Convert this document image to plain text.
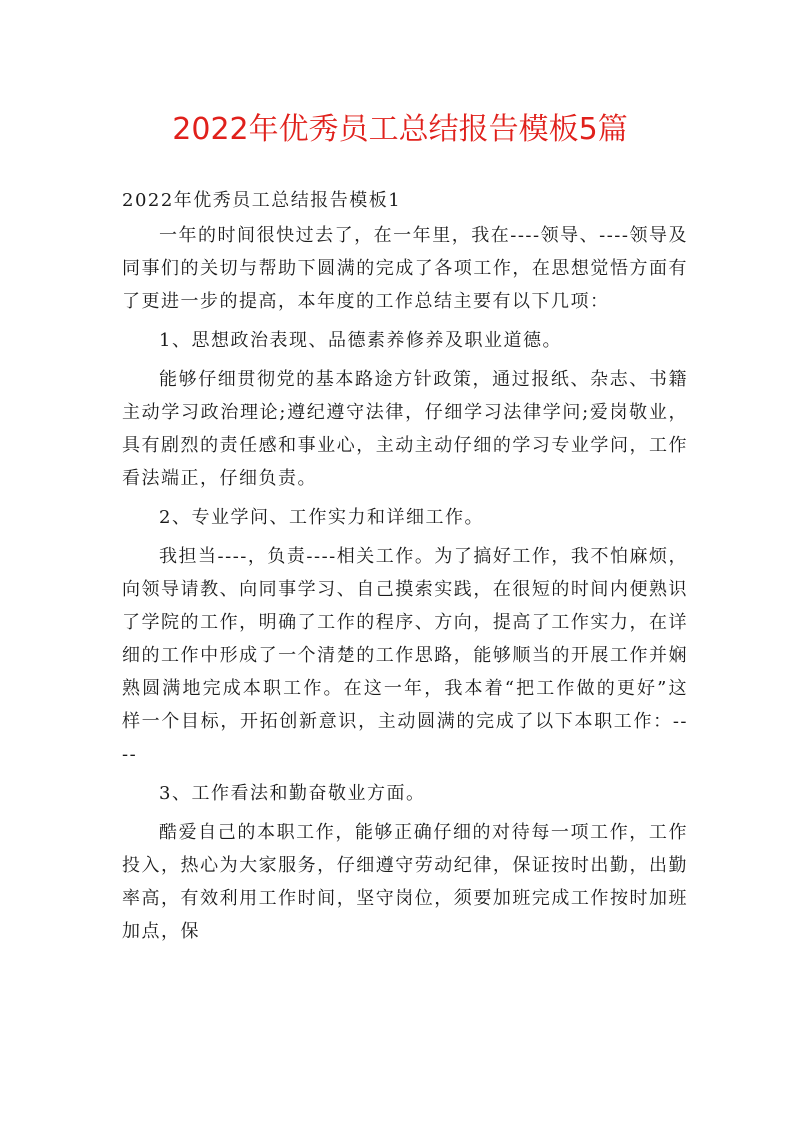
2022年优秀员工总结报告模板5篇

2022年优秀员工总结报告模板1

一年的时间很快过去了，在一年里，我在----领导、----领导及同事们的关切与帮助下圆满的完成了各项工作，在思想觉悟方面有了更进一步的提高，本年度的工作总结主要有以下几项：

1、思想政治表现、品德素养修养及职业道德。

能够仔细贯彻党的基本路途方针政策，通过报纸、杂志、书籍主动学习政治理论;遵纪遵守法律，仔细学习法律学问;爱岗敬业，具有剧烈的责任感和事业心，主动主动仔细的学习专业学问，工作看法端正，仔细负责。

2、专业学问、工作实力和详细工作。

我担当----，负责----相关工作。为了搞好工作，我不怕麻烦，向领导请教、向同事学习、自己摸索实践，在很短的时间内便熟识了学院的工作，明确了工作的程序、方向，提高了工作实力，在详细的工作中形成了一个清楚的工作思路，能够顺当的开展工作并娴熟圆满地完成本职工作。在这一年，我本着“把工作做的更好”这样一个目标，开拓创新意识，主动圆满的完成了以下本职工作：----

3、工作看法和勤奋敬业方面。

酷爱自己的本职工作，能够正确仔细的对待每一项工作，工作投入，热心为大家服务，仔细遵守劳动纪律，保证按时出勤，出勤率高，有效利用工作时间，坚守岗位，须要加班完成工作按时加班加点，保
